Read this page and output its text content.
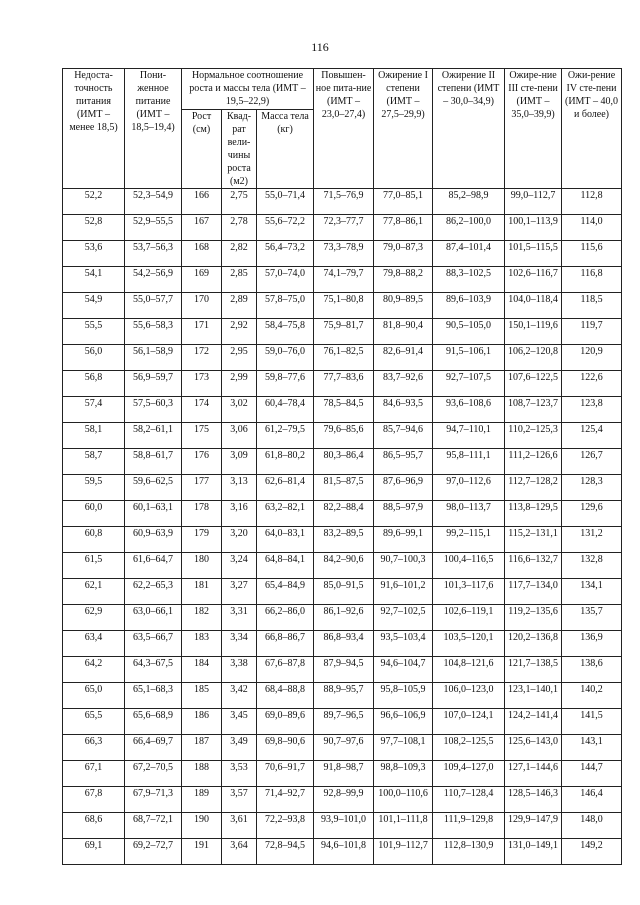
116
Недоста-точность питания (ИМТ – менее 18,5)	Пони-женное питание (ИМТ – 18,5–19,4)	Нормальное соотношение роста и массы тела (ИМТ – 19,5–22,9)			Повышен-ное пита-ние (ИМТ – 23,0–27,4)	Ожирение I степени (ИМТ – 27,5–29,9)	Ожирение II степени (ИМТ – 30,0–34,9)	Ожире-ние III сте-пени (ИМТ – 35,0–39,9)	Ожи-рение IV сте-пени (ИМТ – 40,0 и более)
		Рост (см)	Квад-рат вели-чины роста (м2)	Масса тела (кг)					
52,2	52,3–54,9	166	2,75	55,0–71,4	71,5–76,9	77,0–85,1	85,2–98,9	99,0–112,7	112,8
52,8	52,9–55,5	167	2,78	55,6–72,2	72,3–77,7	77,8–86,1	86,2–100,0	100,1–113,9	114,0
53,6	53,7–56,3	168	2,82	56,4–73,2	73,3–78,9	79,0–87,3	87,4–101,4	101,5–115,5	115,6
54,1	54,2–56,9	169	2,85	57,0–74,0	74,1–79,7	79,8–88,2	88,3–102,5	102,6–116,7	116,8
54,9	55,0–57,7	170	2,89	57,8–75,0	75,1–80,8	80,9–89,5	89,6–103,9	104,0–118,4	118,5
55,5	55,6–58,3	171	2,92	58,4–75,8	75,9–81,7	81,8–90,4	90,5–105,0	150,1–119,6	119,7
56,0	56,1–58,9	172	2,95	59,0–76,0	76,1–82,5	82,6–91,4	91,5–106,1	106,2–120,8	120,9
56,8	56,9–59,7	173	2,99	59,8–77,6	77,7–83,6	83,7–92,6	92,7–107,5	107,6–122,5	122,6
57,4	57,5–60,3	174	3,02	60,4–78,4	78,5–84,5	84,6–93,5	93,6–108,6	108,7–123,7	123,8
58,1	58,2–61,1	175	3,06	61,2–79,5	79,6–85,6	85,7–94,6	94,7–110,1	110,2–125,3	125,4
58,7	58,8–61,7	176	3,09	61,8–80,2	80,3–86,4	86,5–95,7	95,8–111,1	111,2–126,6	126,7
59,5	59,6–62,5	177	3,13	62,6–81,4	81,5–87,5	87,6–96,9	97,0–112,6	112,7–128,2	128,3
60,0	60,1–63,1	178	3,16	63,2–82,1	82,2–88,4	88,5–97,9	98,0–113,7	113,8–129,5	129,6
60,8	60,9–63,9	179	3,20	64,0–83,1	83,2–89,5	89,6–99,1	99,2–115,1	115,2–131,1	131,2
61,5	61,6–64,7	180	3,24	64,8–84,1	84,2–90,6	90,7–100,3	100,4–116,5	116,6–132,7	132,8
62,1	62,2–65,3	181	3,27	65,4–84,9	85,0–91,5	91,6–101,2	101,3–117,6	117,7–134,0	134,1
62,9	63,0–66,1	182	3,31	66,2–86,0	86,1–92,6	92,7–102,5	102,6–119,1	119,2–135,6	135,7
63,4	63,5–66,7	183	3,34	66,8–86,7	86,8–93,4	93,5–103,4	103,5–120,1	120,2–136,8	136,9
64,2	64,3–67,5	184	3,38	67,6–87,8	87,9–94,5	94,6–104,7	104,8–121,6	121,7–138,5	138,6
65,0	65,1–68,3	185	3,42	68,4–88,8	88,9–95,7	95,8–105,9	106,0–123,0	123,1–140,1	140,2
65,5	65,6–68,9	186	3,45	69,0–89,6	89,7–96,5	96,6–106,9	107,0–124,1	124,2–141,4	141,5
66,3	66,4–69,7	187	3,49	69,8–90,6	90,7–97,6	97,7–108,1	108,2–125,5	125,6–143,0	143,1
67,1	67,2–70,5	188	3,53	70,6–91,7	91,8–98,7	98,8–109,3	109,4–127,0	127,1–144,6	144,7
67,8	67,9–71,3	189	3,57	71,4–92,7	92,8–99,9	100,0–110,6	110,7–128,4	128,5–146,3	146,4
68,6	68,7–72,1	190	3,61	72,2–93,8	93,9–101,0	101,1–111,8	111,9–129,8	129,9–147,9	148,0
69,1	69,2–72,7	191	3,64	72,8–94,5	94,6–101,8	101,9–112,7	112,8–130,9	131,0–149,1	149,2
